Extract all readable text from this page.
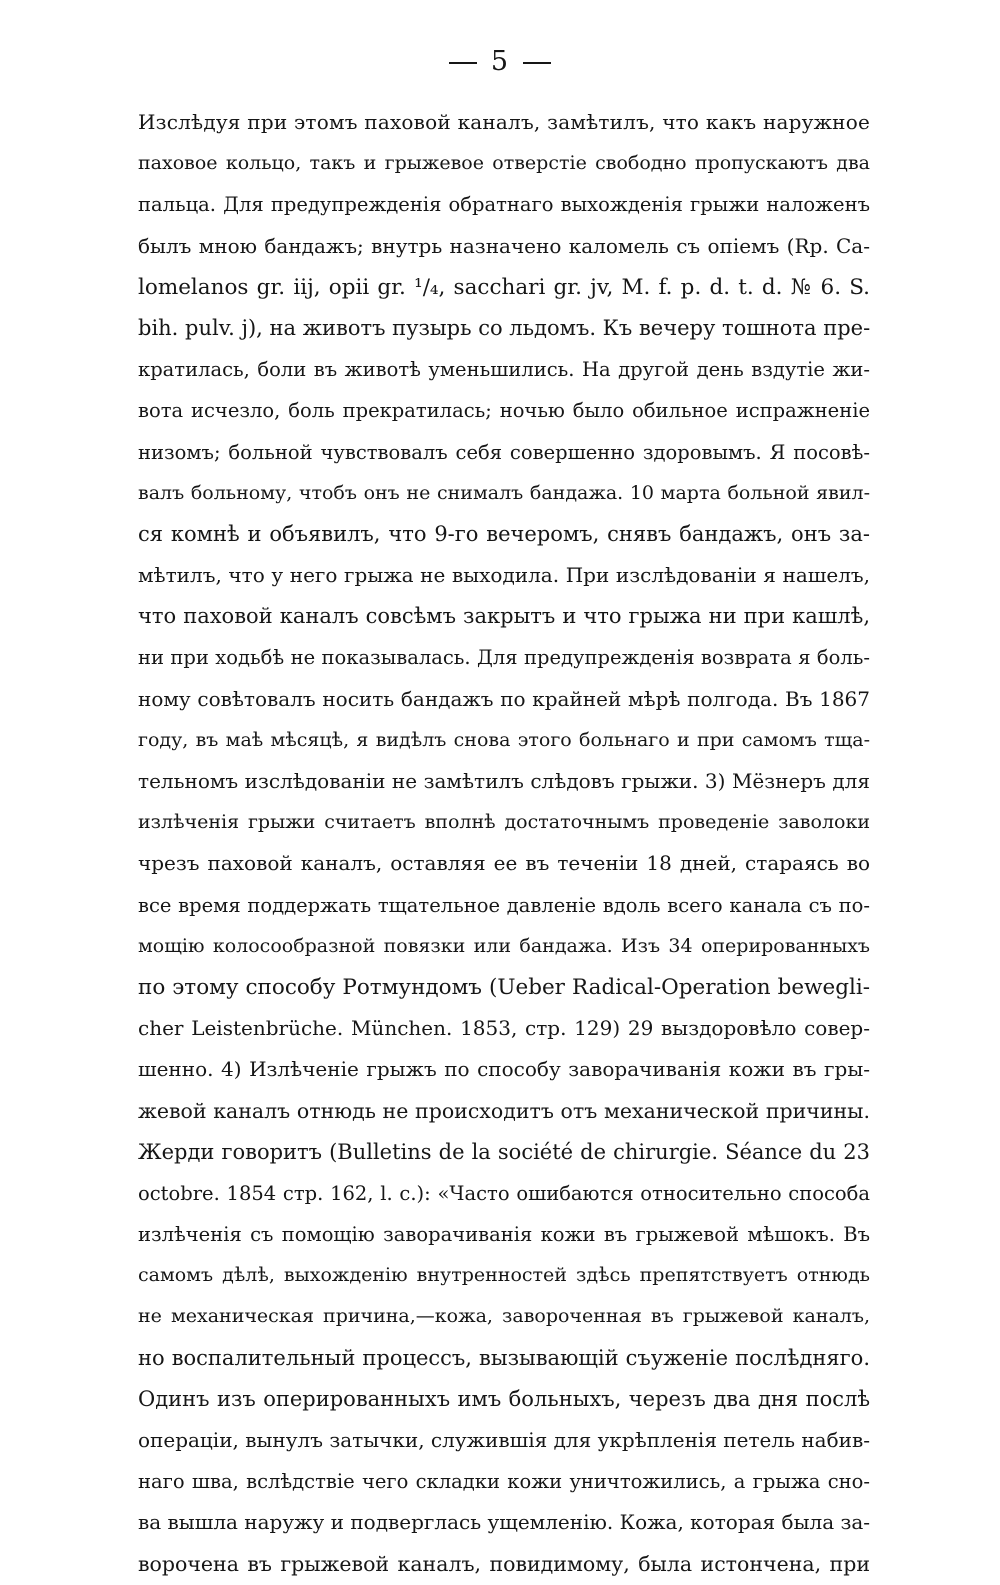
5
Изслѣдуя при этомъ паховой каналъ, замѣтилъ, что какъ наружное
паховое кольцо, такъ и грыжевое отверстіе свободно пропускаютъ два
пальца. Для предупрежденія обратнаго выхожденія грыжи наложенъ
былъ мною бандажъ; внутрь назначено каломель съ опіемъ (Rp. Ca-
lomelanos gr. iij, opii gr. ¹/₄, sacchari gr. jv, M. f. p. d. t. d. № 6. S.
bih. pulv. j), на животъ пузырь со льдомъ. Къ вечеру тошнота пре-
кратилась, боли въ животѣ уменьшились. На другой день вздутіе жи-
вота исчезло, боль прекратилась; ночью было обильное испражненіе
низомъ; больной чувствовалъ себя совершенно здоровымъ. Я посовѣ-
валъ больному, чтобъ онъ не снималъ бандажа. 10 марта больной явил-
ся комнѣ и объявилъ, что 9-го вечеромъ, снявъ бандажъ, онъ за-
мѣтилъ, что у него грыжа не выходила. При изслѣдованіи я нашелъ,
что паховой каналъ совсѣмъ закрытъ и что грыжа ни при кашлѣ,
ни при ходьбѣ не показывалась. Для предупрежденія возврата я боль-
ному совѣтовалъ носить бандажъ по крайней мѣрѣ полгода. Въ 1867
году, въ маѣ мѣсяцѣ, я видѣлъ снова этого больнаго и при самомъ тща-
тельномъ изслѣдованіи не замѣтилъ слѣдовъ грыжи. 3) Мёзнеръ для
излѣченія грыжи считаетъ вполнѣ достаточнымъ проведеніе заволоки
чрезъ паховой каналъ, оставляя ее въ теченіи 18 дней, стараясь во
все время поддержать тщательное давленіе вдоль всего канала съ по-
мощію колосообразной повязки или бандажа. Изъ 34 оперированныхъ
по этому способу Ротмундомъ (Ueber Radical-Operation beweglі-
cher Leistenbrüche. München. 1853, стр. 129) 29 выздоровѣло совер-
шенно. 4) Излѣченіе грыжъ по способу заворачиванія кожи въ гры-
жевой каналъ отнюдь не происходитъ отъ механической причины.
Жерди говоритъ (Bulletins de la société de chirurgie. Séance du 23
octobre. 1854 стр. 162, l. c.): «Часто ошибаются относительно способа
излѣченія съ помощію заворачиванія кожи въ грыжевой мѣшокъ. Въ
самомъ дѣлѣ, выхожденію внутренностей здѣсь препятствуетъ отнюдь
не механическая причина,—кожа, завороченная въ грыжевой каналъ,
но воспалительный процессъ, вызывающій съуженіе послѣдняго.
Одинъ изъ оперированныхъ имъ больныхъ, черезъ два дня послѣ
операціи, вынулъ затычки, служившія для укрѣпленія петель набив-
наго шва, вслѣдствіе чего складки кожи уничтожились, а грыжа сно-
ва вышла наружу и подверглась ущемленію. Кожа, которая была за-
вороченa въ грыжевой каналъ, повидимому, была истончена, при
